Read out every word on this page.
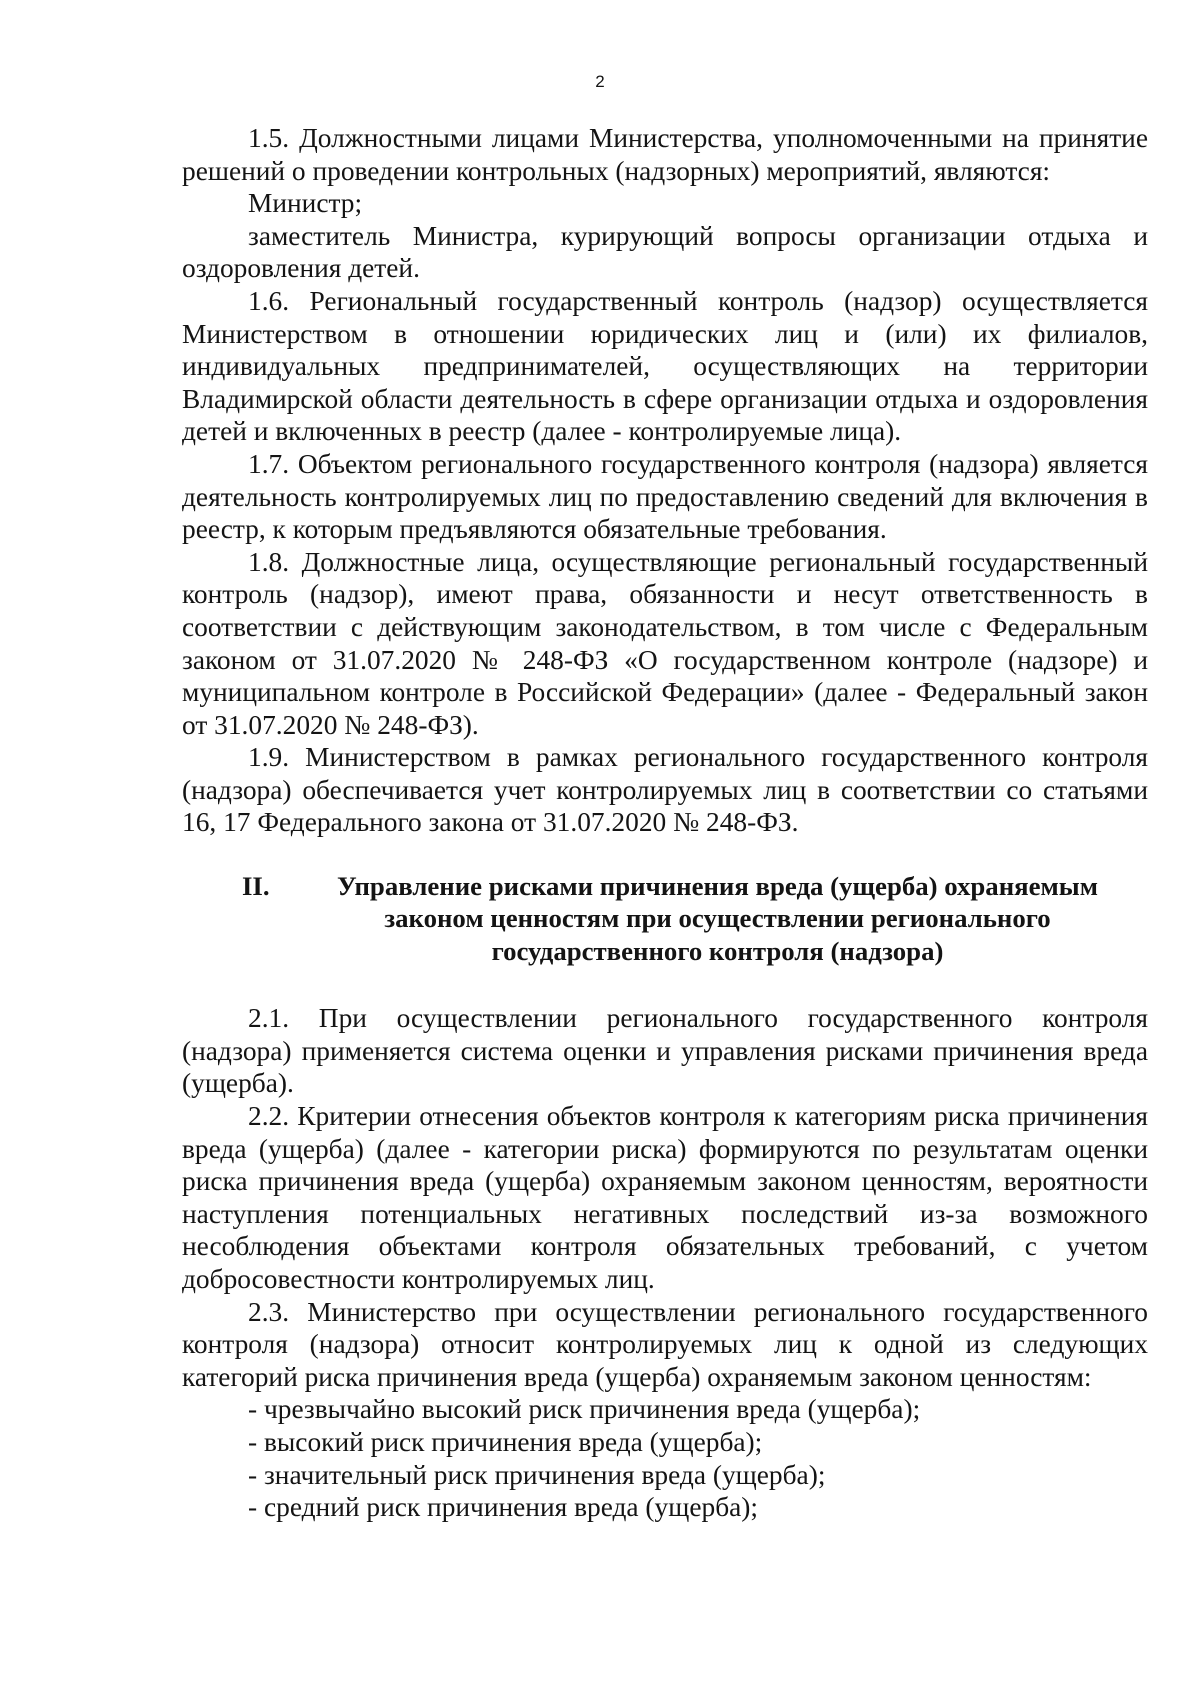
2

1.5. Должностными лицами Министерства, уполномоченными на принятие решений о проведении контрольных (надзорных) мероприятий, являются:

Министр;

заместитель Министра, курирующий вопросы организации отдыха и оздоровления детей.

1.6. Региональный государственный контроль (надзор) осуществляется Министерством в отношении юридических лиц и (или) их филиалов, индивидуальных предпринимателей, осуществляющих на территории Владимирской области деятельность в сфере организации отдыха и оздоровления детей и включенных в реестр (далее - контролируемые лица).

1.7. Объектом регионального государственного контроля (надзора) является деятельность контролируемых лиц по предоставлению сведений для включения в реестр, к которым предъявляются обязательные требования.

1.8. Должностные лица, осуществляющие региональный государственный контроль (надзор), имеют права, обязанности и несут ответственность в соответствии с действующим законодательством, в том числе с Федеральным законом от 31.07.2020 № 248-ФЗ «О государственном контроле (надзоре) и муниципальном контроле в Российской Федерации» (далее - Федеральный закон от 31.07.2020 № 248-ФЗ).

1.9. Министерством в рамках регионального государственного контроля (надзора) обеспечивается учет контролируемых лиц в соответствии со статьями 16, 17 Федерального закона от 31.07.2020 № 248-ФЗ.

II.	Управление рисками причинения вреда (ущерба) охраняемым законом ценностям при осуществлении регионального государственного контроля (надзора)

2.1. При осуществлении регионального государственного контроля (надзора) применяется система оценки и управления рисками причинения вреда (ущерба).

2.2. Критерии отнесения объектов контроля к категориям риска причинения вреда (ущерба) (далее - категории риска) формируются по результатам оценки риска причинения вреда (ущерба) охраняемым законом ценностям, вероятности наступления потенциальных негативных последствий из-за возможного несоблюдения объектами контроля обязательных требований, с учетом добросовестности контролируемых лиц.

2.3. Министерство при осуществлении регионального государственного контроля (надзора) относит контролируемых лиц к одной из следующих категорий риска причинения вреда (ущерба) охраняемым законом ценностям:

- чрезвычайно высокий риск причинения вреда (ущерба);

- высокий риск причинения вреда (ущерба);

- значительный риск причинения вреда (ущерба);

- средний риск причинения вреда (ущерба);
